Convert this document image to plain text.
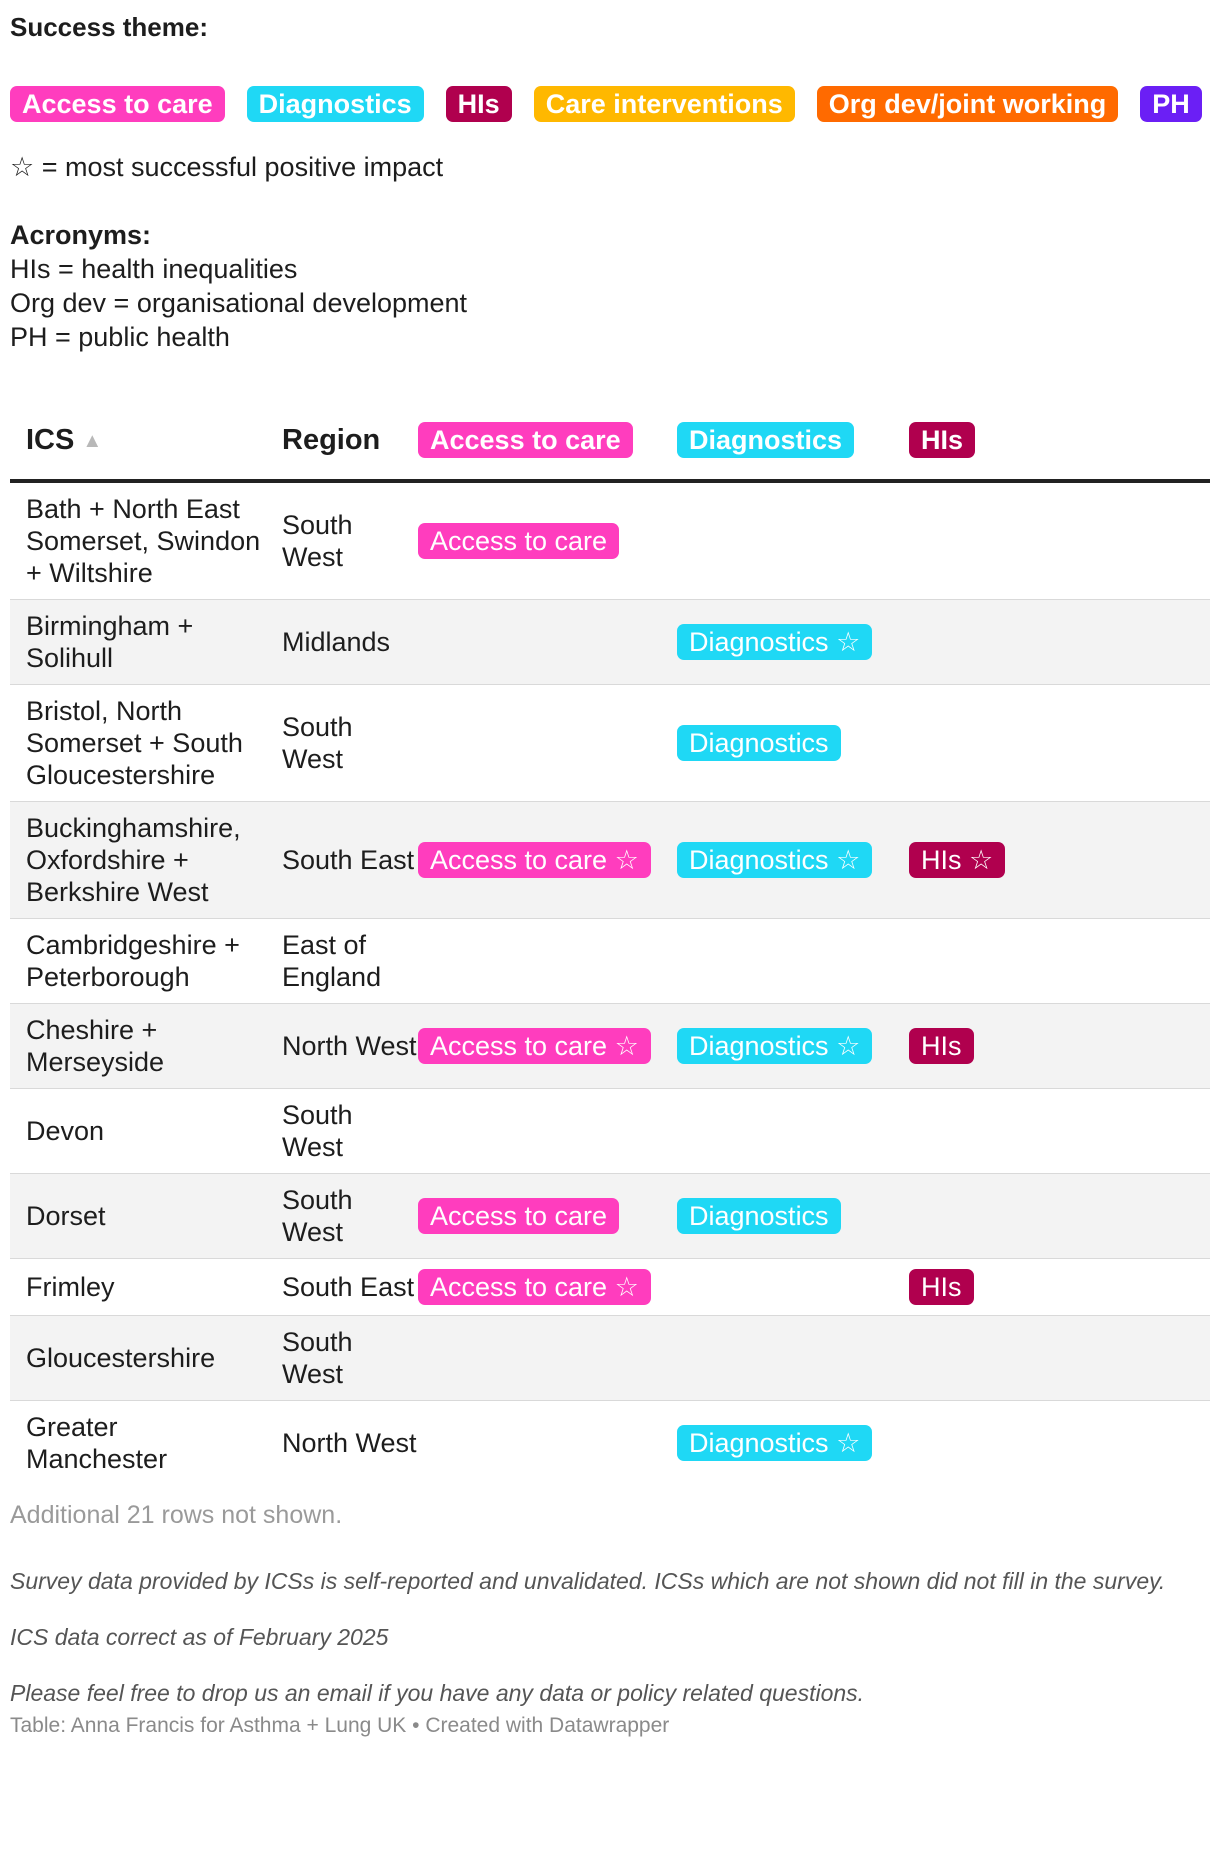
Success theme:
Access to care	Diagnostics	HIs	Care interventions	Org dev/joint working	PH
☆ = most successful positive impact
Acronyms:
HIs = health inequalities
Org dev = organisational development
PH = public health
ICS ▲	Region	Access to care	Diagnostics	HIs
Bath + North East Somerset, Swindon + Wiltshire	South West	Access to care		
Birmingham + Solihull	Midlands		Diagnostics ☆	
Bristol, North Somerset + South Gloucestershire	South West		Diagnostics	
Buckinghamshire, Oxfordshire + Berkshire West	South East	Access to care ☆	Diagnostics ☆	HIs ☆
Cambridgeshire + Peterborough	East of England			
Cheshire + Merseyside	North West	Access to care ☆	Diagnostics ☆	HIs
Devon	South West			
Dorset	South West	Access to care	Diagnostics	
Frimley	South East	Access to care ☆		HIs
Gloucestershire	South West			
Greater Manchester	North West		Diagnostics ☆	
Additional 21 rows not shown.
Survey data provided by ICSs is self-reported and unvalidated. ICSs which are not shown did not fill in the survey.
ICS data correct as of February 2025
Please feel free to drop us an email if you have any data or policy related questions.
Table: Anna Francis for Asthma + Lung UK • Created with Datawrapper
